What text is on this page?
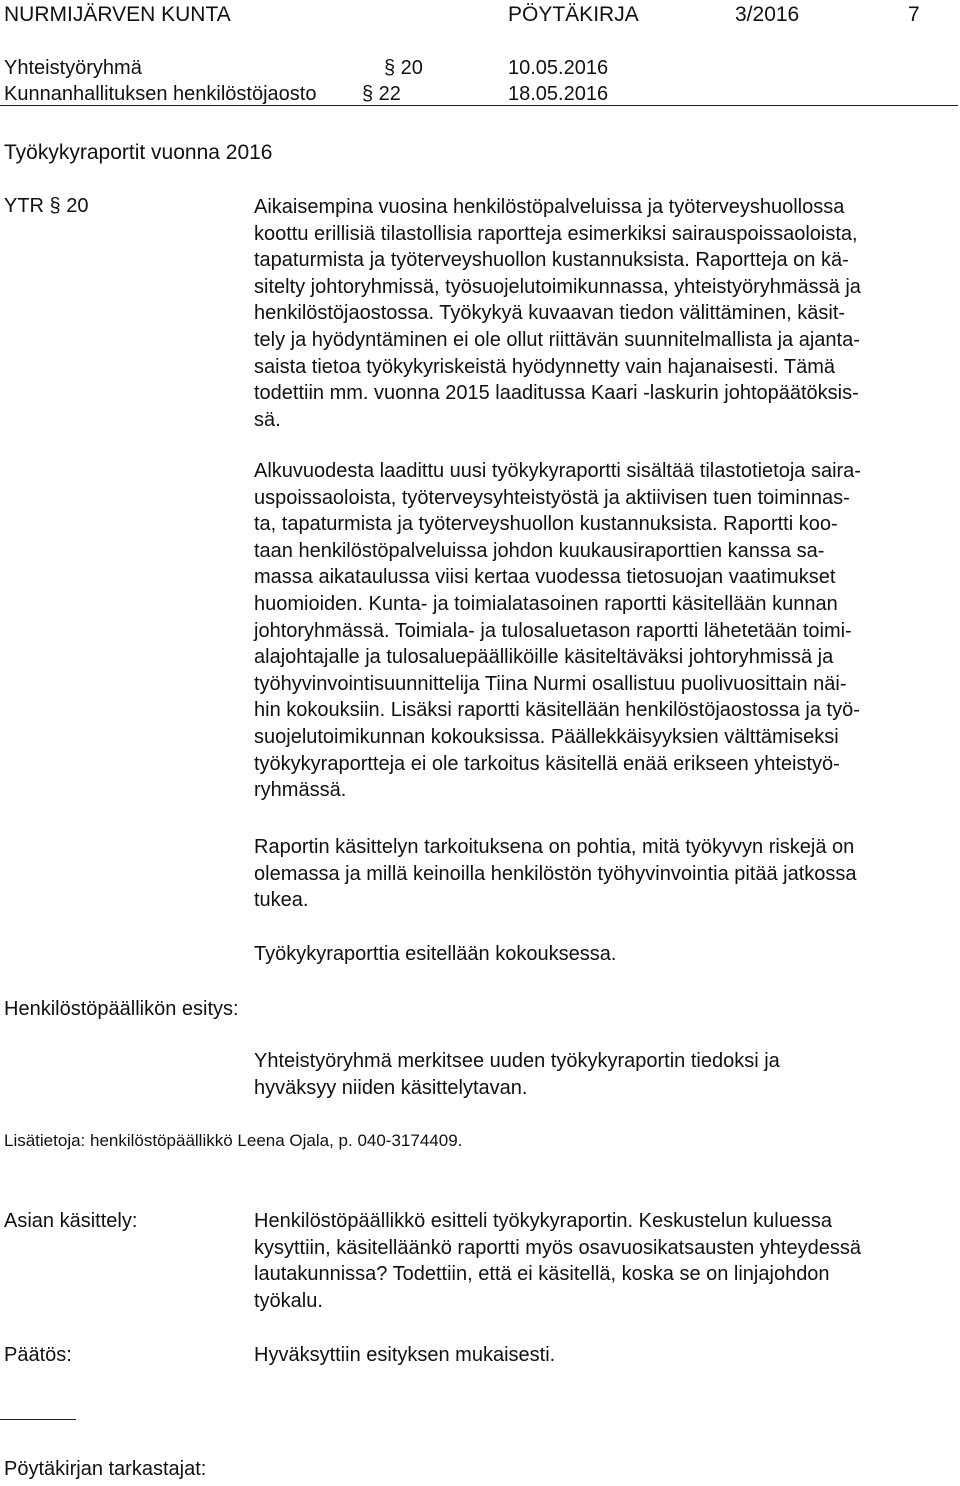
NURMIJÄRVEN KUNTA	PÖYTÄKIRJA	3/2016	7
Yhteistyöryhmä	§ 20	10.05.2016
Kunnanhallituksen henkilöstöjaosto § 22	18.05.2016
Työkykyraportit vuonna 2016
YTR § 20	Aikaisempina vuosina henkilöstöpalveluissa ja työterveyshuollossa
koottu erillisiä tilastollisia raportteja esimerkiksi sairauspoissaoloista,
tapaturmista ja työterveyshuollon kustannuksista. Raportteja on kä-
sitelty johtoryhmissä, työsuojelutoimikunnassa, yhteistyöryhmässä ja
henkilöstöjaostossa. Työkykyä kuvaavan tiedon välittäminen, käsit-
tely ja hyödyntäminen ei ole ollut riittävän suunnitelmallista ja ajanta-
saista tietoa työkykyriskeistä hyödynnetty vain hajanaisesti. Tämä
todettiin mm. vuonna 2015 laaditussa Kaari -laskurin johtopäätöksis-
sä.
Alkuvuodesta laadittu uusi työkykyraportti sisältää tilastotietoja saira-
uspoissaoloista, työterveysyhteistyöstä ja aktiivisen tuen toiminnas-
ta, tapaturmista ja työterveyshuollon kustannuksista. Raportti koo-
taan henkilöstöpalveluissa johdon kuukausiraporttien kanssa sa-
massa aikataulussa viisi kertaa vuodessa tietosuojan vaatimukset
huomioiden. Kunta- ja toimialatasoinen raportti käsitellään kunnan
johtoryhmässä. Toimiala- ja tulosaluetason raportti lähetetään toimi-
alajohtajalle ja tulosaluepäälliköille käsiteltäväksi johtoryhmissä ja
työhyvinvointisuunnittelija Tiina Nurmi osallistuu puolivuosittain näi-
hin kokouksiin. Lisäksi raportti käsitellään henkilöstöjaostossa ja työ-
suojelutoimikunnan kokouksissa. Päällekkäisyyksien välttämiseksi
työkykyraportteja ei ole tarkoitus käsitellä enää erikseen yhteistyö-
ryhmässä.
Raportin käsittelyn tarkoituksena on pohtia, mitä työkyvyn riskejä on
olemassa ja millä keinoilla henkilöstön työhyvinvointia pitää jatkossa
tukea.
Työkykyraporttia esitellään kokouksessa.
Henkilöstöpäällikön esitys:
Yhteistyöryhmä merkitsee uuden työkykyraportin tiedoksi ja
hyväksyy niiden käsittelytavan.
Lisätietoja: henkilöstöpäällikkö Leena Ojala, p. 040-3174409.
Asian käsittely:	Henkilöstöpäällikkö esitteli työkykyraportin. Keskustelun kuluessa
kysyttiin, käsitelläänkö raportti myös osavuosikatsausten yhteydessä
lautakunnissa? Todettiin, että ei käsitellä, koska se on linjajohdon
työkalu.
Päätös:	Hyväksyttiin esityksen mukaisesti.
Pöytäkirjan tarkastajat:
